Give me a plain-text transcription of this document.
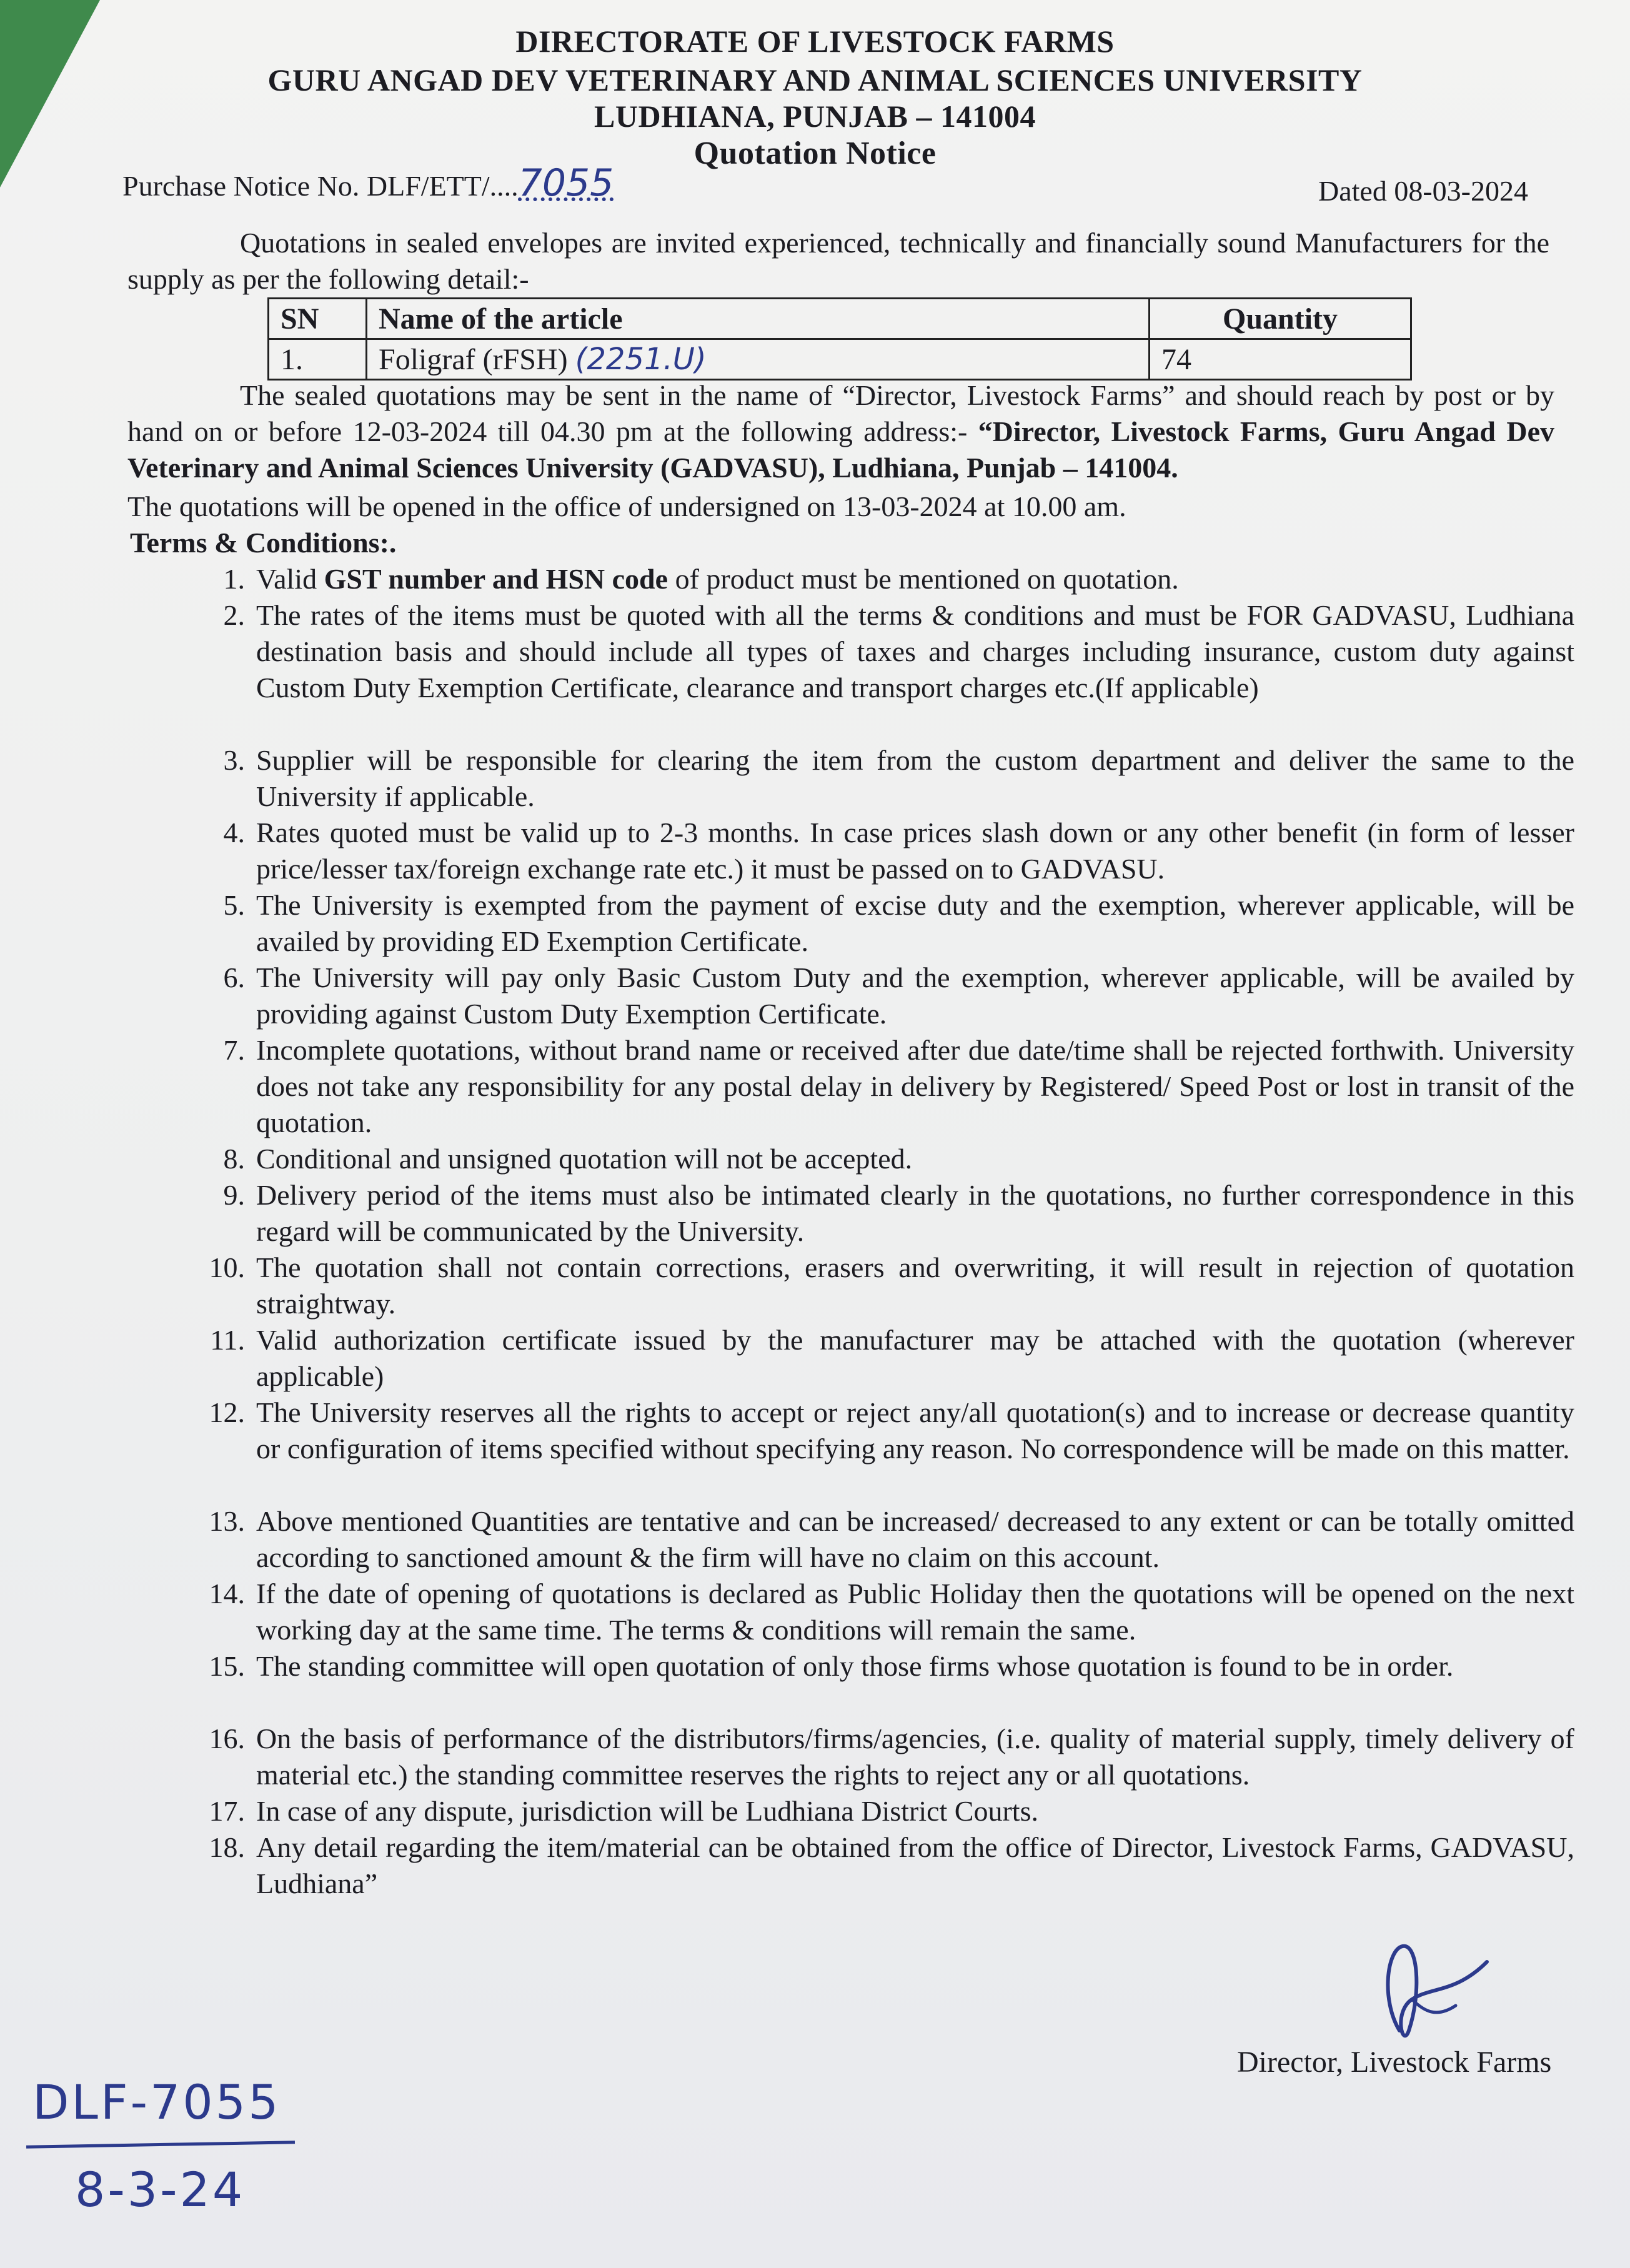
DIRECTORATE OF LIVESTOCK FARMS
GURU ANGAD DEV VETERINARY AND ANIMAL SCIENCES UNIVERSITY
LUDHIANA, PUNJAB – 141004
Quotation Notice
Purchase Notice No. DLF/ETT/....7055	Dated 08-03-2024
Quotations in sealed envelopes are invited experienced, technically and financially sound Manufacturers for the supply as per the following detail:-
SN	Name of the article	Quantity
1.	Foligraf (rFSH) (2251.U)	74
The sealed quotations may be sent in the name of “Director, Livestock Farms” and should reach by post or by hand on or before 12-03-2024 till 04.30 pm at the following address:- “Director, Livestock Farms, Guru Angad Dev Veterinary and Animal Sciences University (GADVASU), Ludhiana, Punjab – 141004.
The quotations will be opened in the office of undersigned on 13-03-2024 at 10.00 am.
Terms & Conditions:.
1. Valid GST number and HSN code of product must be mentioned on quotation.
2. The rates of the items must be quoted with all the terms & conditions and must be FOR GADVASU, Ludhiana destination basis and should include all types of taxes and charges including insurance, custom duty against Custom Duty Exemption Certificate, clearance and transport charges etc.(If applicable)
3. Supplier will be responsible for clearing the item from the custom department and deliver the same to the University if applicable.
4. Rates quoted must be valid up to 2-3 months. In case prices slash down or any other benefit (in form of lesser price/lesser tax/foreign exchange rate etc.) it must be passed on to GADVASU.
5. The University is exempted from the payment of excise duty and the exemption, wherever applicable, will be availed by providing ED Exemption Certificate.
6. The University will pay only Basic Custom Duty and the exemption, wherever applicable, will be availed by providing against Custom Duty Exemption Certificate.
7. Incomplete quotations, without brand name or received after due date/time shall be rejected forthwith. University does not take any responsibility for any postal delay in delivery by Registered/ Speed Post or lost in transit of the quotation.
8. Conditional and unsigned quotation will not be accepted.
9. Delivery period of the items must also be intimated clearly in the quotations, no further correspondence in this regard will be communicated by the University.
10. The quotation shall not contain corrections, erasers and overwriting, it will result in rejection of quotation straightway.
11. Valid authorization certificate issued by the manufacturer may be attached with the quotation (wherever applicable)
12. The University reserves all the rights to accept or reject any/all quotation(s) and to increase or decrease quantity or configuration of items specified without specifying any reason. No correspondence will be made on this matter.
13. Above mentioned Quantities are tentative and can be increased/ decreased to any extent or can be totally omitted according to sanctioned amount & the firm will have no claim on this account.
14. If the date of opening of quotations is declared as Public Holiday then the quotations will be opened on the next working day at the same time. The terms & conditions will remain the same.
15. The standing committee will open quotation of only those firms whose quotation is found to be in order.
16. On the basis of performance of the distributors/firms/agencies, (i.e. quality of material supply, timely delivery of material etc.) the standing committee reserves the rights to reject any or all quotations.
17. In case of any dispute, jurisdiction will be Ludhiana District Courts.
18. Any detail regarding the item/material can be obtained from the office of Director, Livestock Farms, GADVASU, Ludhiana”
Director, Livestock Farms
DLF-7055
8-3-24
